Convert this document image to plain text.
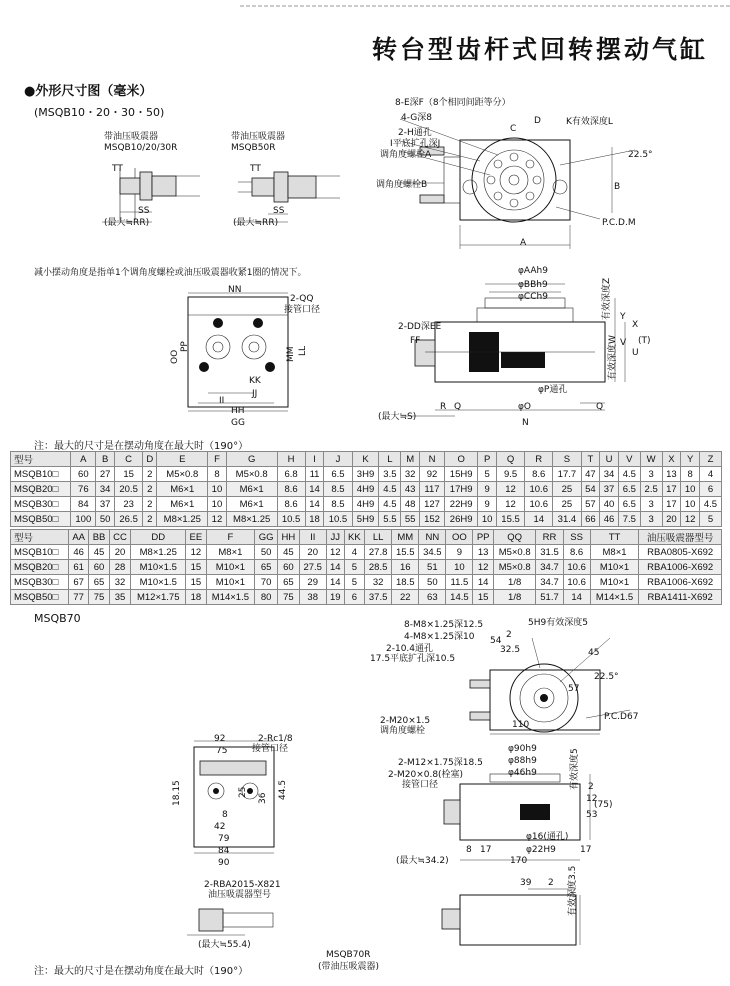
转台型齿杆式回转摆动气缸
●外形尺寸图（毫米）
(MSQB10・20・30・50)
带油压吸震器
MSQB10/20/30R
带油压吸震器
MSQB50R
TT
SS
(最大≒RR)
TT
SS
(最大≒RR)
8-E深F（8个相同间距等分）
4-G深8
2-H通孔
I平底扩孔深J
调角度螺栓A
调角度螺栓B
K有效深度L
C
D
22.5°
B
P.C.D.M
A
减小摆动角度是指单1个调角度螺栓或油压吸震器收紧1圈的情况下。
NN
2-QQ
接管口径
OO
PP	MM LL
KK
JJ
II
HH
GG
φAAh9
φBBh9
φCCh9	有效深度Z
2-DD深EE
FF
Y
X
V
U
(T)
有效深度W
φP通孔
R Q	φO	Q
(最大≒S)
N
注：最大的尺寸是在摆动角度在最大时（190°）
型号	A	B	C	D	E	F	G	H	I	J	K	L	M	N	O	P	Q	R	S	T	U	V	W	X	Y	Z
MSQB10□	60	27	15	2	M5×0.8	8	M5×0.8	6.8	11	6.5	3H9	3.5	32	92	15H9	5	9.5	8.6	17.7	47	34	4.5	3	13	8	4
MSQB20□	76	34	20.5	2	M6×1	10	M6×1	8.6	14	8.5	4H9	4.5	43	117	17H9	9	12	10.6	25	54	37	6.5	2.5	17	10	6
MSQB30□	84	37	23	2	M6×1	10	M6×1	8.6	14	8.5	4H9	4.5	48	127	22H9	9	12	10.6	25	57	40	6.5	3	17	10	4.5
MSQB50□	100	50	26.5	2	M8×1.25	12	M8×1.25	10.5	18	10.5	5H9	5.5	55	152	26H9	10	15.5	14	31.4	66	46	7.5	3	20	12	5
型号	AA	BB	CC	DD	EE	F	GG	HH	II	JJ	KK	LL	MM	NN	OO	PP	QQ	RR	SS	TT	油压吸震器型号
MSQB10□	46	45	20	M8×1.25	12	M8×1	50	45	20	12	4	27.8	15.5	34.5	9	13	M5×0.8	31.5	8.6	M8×1	RBA0805-X692
MSQB20□	61	60	28	M10×1.5	15	M10×1	65	60	27.5	14	5	28.5	16	51	10	12	M5×0.8	34.7	10.6	M10×1	RBA1006-X692
MSQB30□	67	65	32	M10×1.5	15	M10×1	70	65	29	14	5	32	18.5	50	11.5	14	1/8	34.7	10.6	M10×1	RBA1006-X692
MSQB50□	77	75	35	M12×1.75	18	M14×1.5	80	75	38	19	6	37.5	22	63	14.5	15	1/8	51.7	14	M14×1.5	RBA1411-X692
MSQB70	8-M8×1.25深12.5
4-M8×1.25深10
2-10.4通孔
17.5平底扩孔深10.5
2-M20×1.5
调角度螺栓
54
2
32.5
5H9有效深度5
45
22.5°
57
110
P.C.D67
92
75
2-Rc1/8
接管口径
18.15	36 44.5
25
8
42
79
84
90
2-M12×1.75深18.5
2-M20×0.8(栓塞)
接管口径
φ90h9
φ88h9
φ46h9	有效深度5 2
12
53
(75)
φ16(通孔)
φ22H9
8 17	17
(最大≒34.2)	170
2-RBA2015-X821
油压吸震器型号
(最大≒55.4)
39 2 有效深度3.5
MSQB70R
(带油压吸震器)
注：最大的尺寸是在摆动角度在最大时（190°）
